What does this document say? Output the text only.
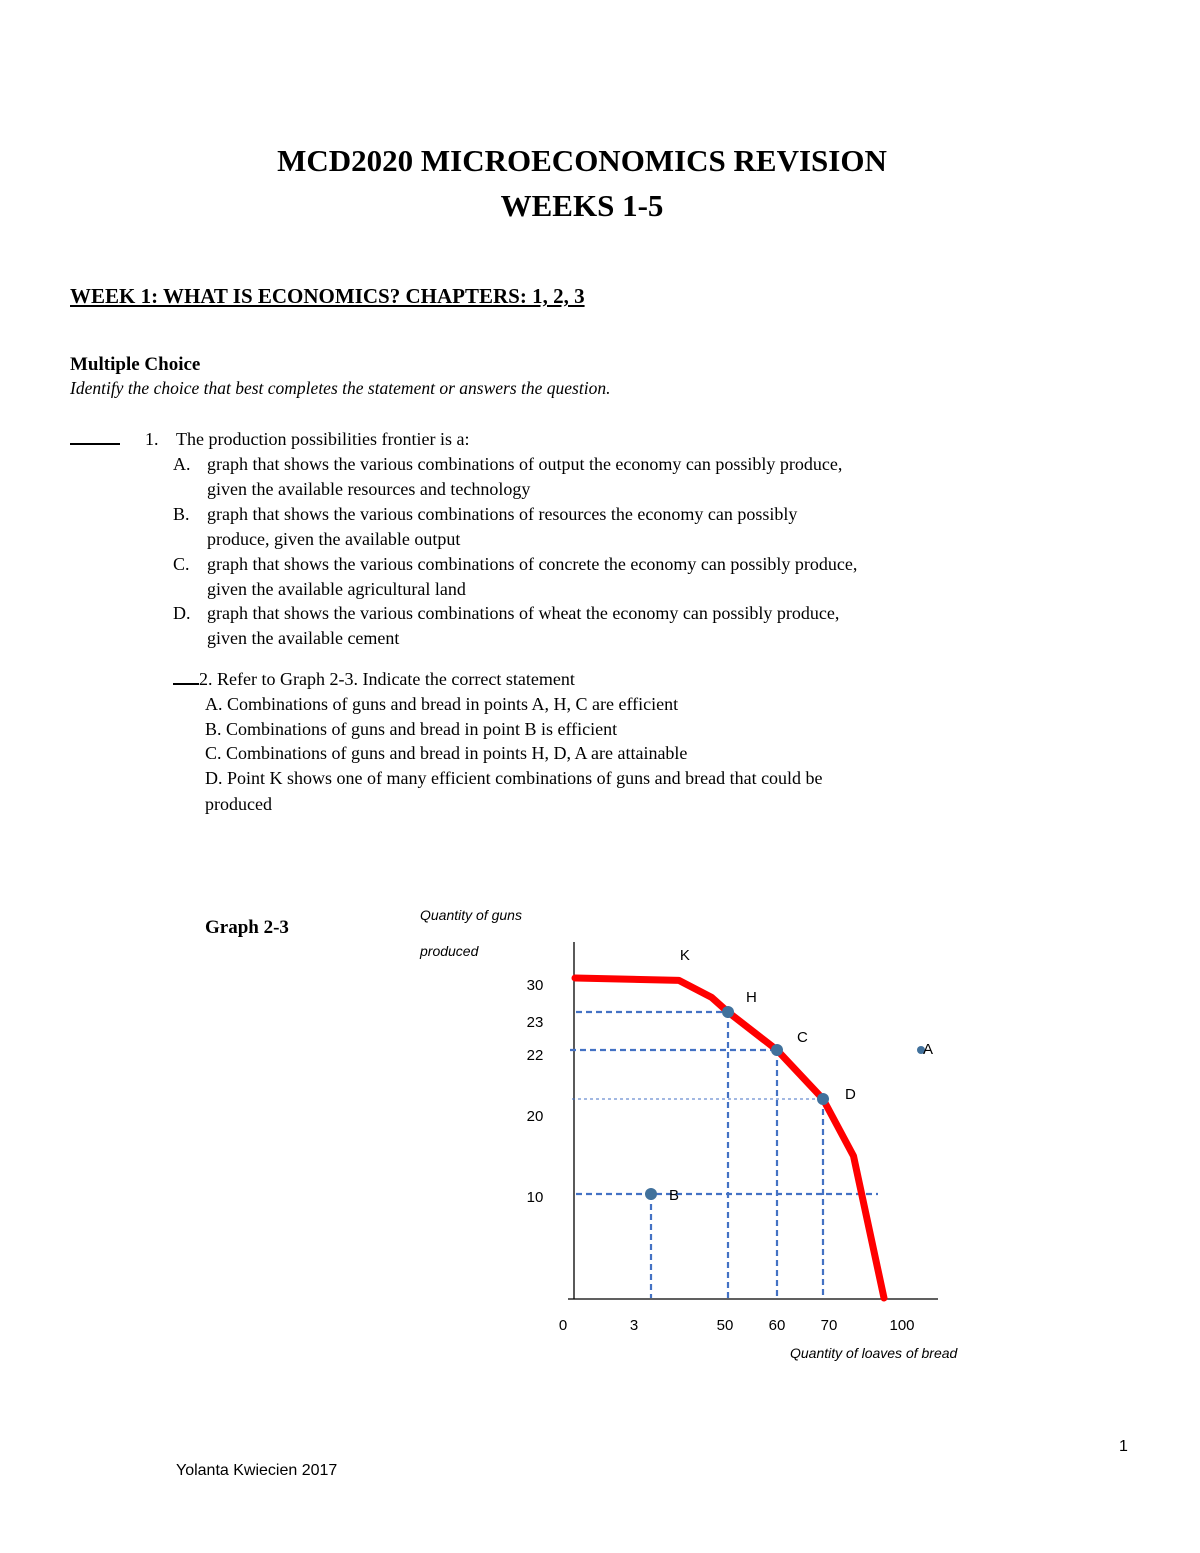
MCD2020 MICROECONOMICS REVISION
WEEKS 1-5
WEEK 1: WHAT IS ECONOMICS? CHAPTERS: 1, 2, 3
Multiple Choice
Identify the choice that best completes the statement or answers the question.
1. The production possibilities frontier is a:
A. graph that shows the various combinations of output the economy can possibly produce,
given the available resources and technology
B. graph that shows the various combinations of resources the economy can possibly
produce, given the available output
C. graph that shows the various combinations of concrete the economy can possibly produce,
given the available agricultural land
D. graph that shows the various combinations of wheat the economy can possibly produce,
given the available cement
2. Refer to Graph 2-3. Indicate the correct statement
A. Combinations of guns and bread in points A, H, C are efficient
B. Combinations of guns and bread in point B is efficient
C. Combinations of guns and bread in points H, D, A are attainable
D. Point K shows one of many efficient combinations of guns and bread that could be
produced
Graph 2-3
Quantity of guns
produced
Quantity of loaves of bread
30
23
22
20
10
0	3	50 60 70	100
K
H
C
D
A
B
1
Yolanta Kwiecien 2017
